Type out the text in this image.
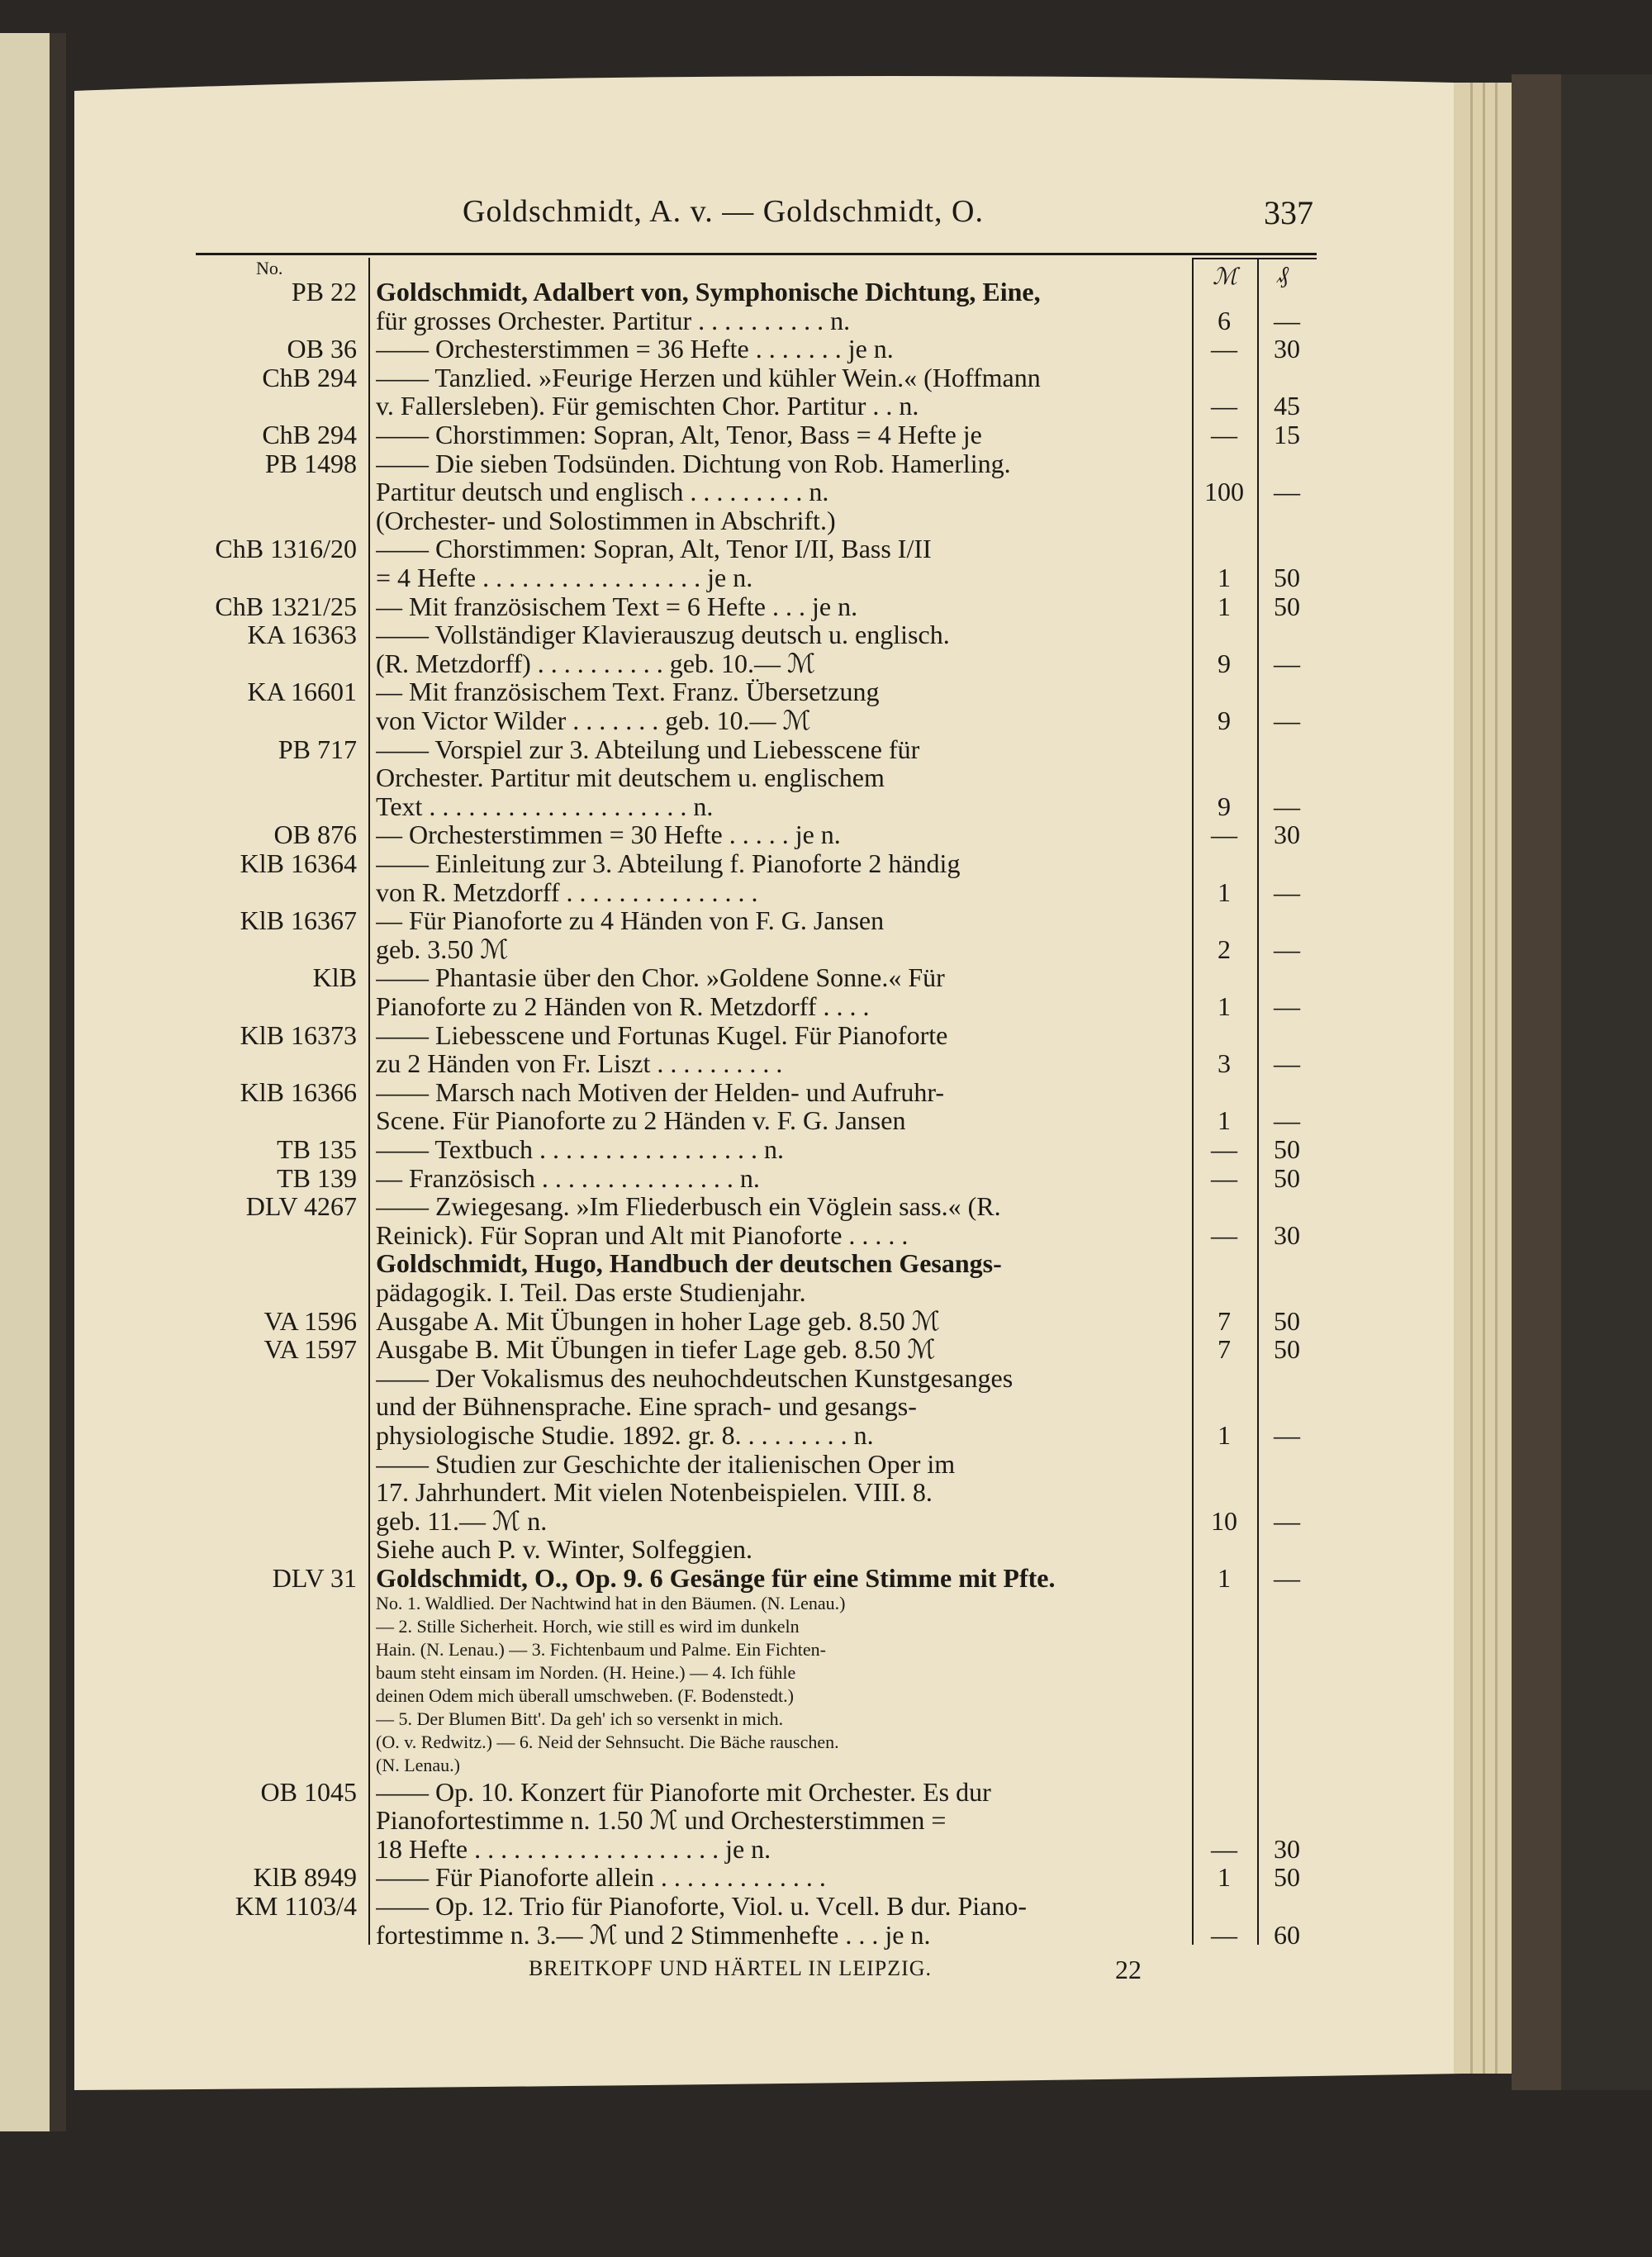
Goldschmidt, A. v. — Goldschmidt, O.	337
No.	ℳ ₰
PB 22 Goldschmidt, Adalbert von, Symphonische Dichtung, Eine,
für grosses Orchester. Partitur . . . . . . . . . . n.	6	—
OB 36 —— Orchesterstimmen = 36 Hefte . . . . . . . je n.	—	30
ChB 294 —— Tanzlied. »Feurige Herzen und kühler Wein.« (Hoffmann
v. Fallersleben). Für gemischten Chor. Partitur . . n.	—	45
ChB 294 —— Chorstimmen: Sopran, Alt, Tenor, Bass = 4 Hefte je	—	15
PB 1498 —— Die sieben Todsünden. Dichtung von Rob. Hamerling.
Partitur deutsch und englisch . . . . . . . . . n.	100	—
(Orchester- und Solostimmen in Abschrift.)
ChB 1316/20 —— Chorstimmen: Sopran, Alt, Tenor I/II, Bass I/II
= 4 Hefte . . . . . . . . . . . . . . . . . je n.	1	50
ChB 1321/25 — Mit französischem Text = 6 Hefte . . . je n.	1	50
KA 16363 —— Vollständiger Klavierauszug deutsch u. englisch.
(R. Metzdorff) . . . . . . . . . . geb. 10.— ℳ	9	—
KA 16601 — Mit französischem Text. Franz. Übersetzung
von Victor Wilder . . . . . . . geb. 10.— ℳ	9	—
PB 717 —— Vorspiel zur 3. Abteilung und Liebesscene für
Orchester. Partitur mit deutschem u. englischem
Text . . . . . . . . . . . . . . . . . . . . n.	9	—
OB 876 — Orchesterstimmen = 30 Hefte . . . . . je n.	—	30
KlB 16364 —— Einleitung zur 3. Abteilung f. Pianoforte 2 händig
von R. Metzdorff . . . . . . . . . . . . . . .	1	—
KlB 16367 — Für Pianoforte zu 4 Händen von F. G. Jansen
geb. 3.50 ℳ	2	—
KlB —— Phantasie über den Chor. »Goldene Sonne.« Für
Pianoforte zu 2 Händen von R. Metzdorff . . . .	1	—
KlB 16373 —— Liebesscene und Fortunas Kugel. Für Pianoforte
zu 2 Händen von Fr. Liszt . . . . . . . . . .	3	—
KlB 16366 —— Marsch nach Motiven der Helden- und Aufruhr-
Scene. Für Pianoforte zu 2 Händen v. F. G. Jansen	1	—
TB 135 —— Textbuch . . . . . . . . . . . . . . . . . n.	—	50
TB 139 — Französisch . . . . . . . . . . . . . . . n.	—	50
DLV 4267 —— Zwiegesang. »Im Fliederbusch ein Vöglein sass.« (R.
Reinick). Für Sopran und Alt mit Pianoforte . . . . .	—	30
Goldschmidt, Hugo, Handbuch der deutschen Gesangs-
pädagogik. I. Teil. Das erste Studienjahr.
VA 1596 Ausgabe A. Mit Übungen in hoher Lage geb. 8.50 ℳ	7	50
VA 1597 Ausgabe B. Mit Übungen in tiefer Lage geb. 8.50 ℳ	7	50
—— Der Vokalismus des neuhochdeutschen Kunstgesanges
und der Bühnensprache. Eine sprach- und gesangs-
physiologische Studie. 1892. gr. 8. . . . . . . . . n.	1	—
—— Studien zur Geschichte der italienischen Oper im
17. Jahrhundert. Mit vielen Notenbeispielen. VIII. 8.
geb. 11.— ℳ n.	10	—
Siehe auch P. v. Winter, Solfeggien.
DLV 31 Goldschmidt, O., Op. 9. 6 Gesänge für eine Stimme mit Pfte.	1	—
No. 1. Waldlied. Der Nachtwind hat in den Bäumen. (N. Lenau.)
— 2. Stille Sicherheit. Horch, wie still es wird im dunkeln
Hain. (N. Lenau.) — 3. Fichtenbaum und Palme. Ein Fichten-
baum steht einsam im Norden. (H. Heine.) — 4. Ich fühle
deinen Odem mich überall umschweben. (F. Bodenstedt.)
— 5. Der Blumen Bitt'. Da geh' ich so versenkt in mich.
(O. v. Redwitz.) — 6. Neid der Sehnsucht. Die Bäche rauschen.
(N. Lenau.)
OB 1045 —— Op. 10. Konzert für Pianoforte mit Orchester. Es dur
Pianofortestimme n. 1.50 ℳ und Orchesterstimmen =
18 Hefte . . . . . . . . . . . . . . . . . . . je n.	—	30
KlB 8949 —— Für Pianoforte allein . . . . . . . . . . . . .	1	50
KM 1103/4 —— Op. 12. Trio für Pianoforte, Viol. u. Vcell. B dur. Piano-
fortestimme n. 3.— ℳ und 2 Stimmenhefte . . . je n.	—	60
BREITKOPF UND HÄRTEL IN LEIPZIG.	22
